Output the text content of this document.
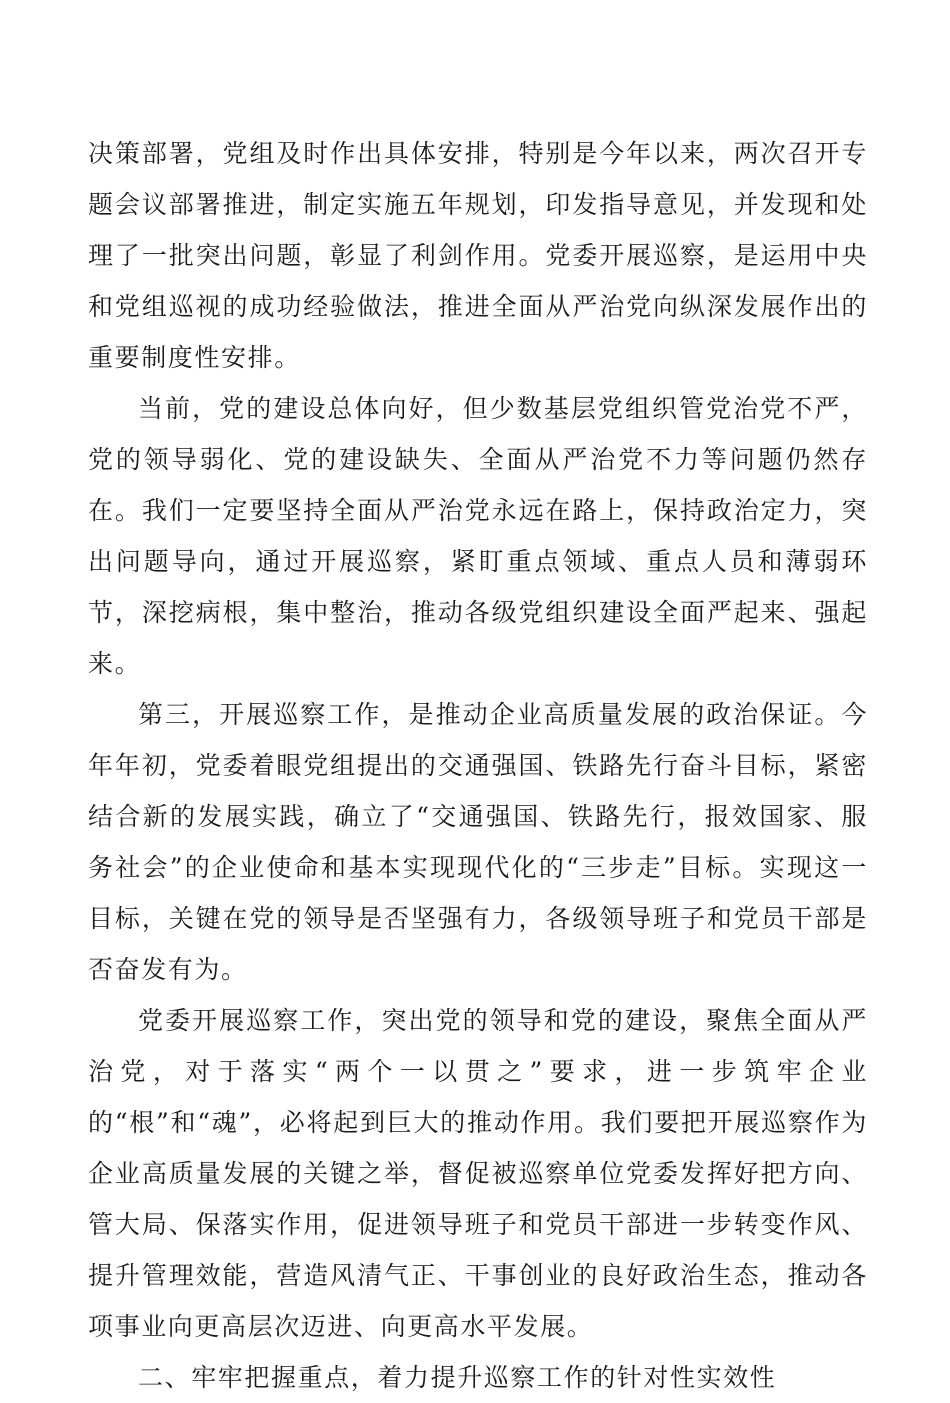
决策部署，党组及时作出具体安排，特别是今年以来，两次召开专题会议部署推进，制定实施五年规划，印发指导意见，并发现和处理了一批突出问题，彰显了利剑作用。党委开展巡察，是运用中央和党组巡视的成功经验做法，推进全面从严治党向纵深发展作出的重要制度性安排。

当前，党的建设总体向好，但少数基层党组织管党治党不严，党的领导弱化、党的建设缺失、全面从严治党不力等问题仍然存在。我们一定要坚持全面从严治党永远在路上，保持政治定力，突出问题导向，通过开展巡察，紧盯重点领域、重点人员和薄弱环节，深挖病根，集中整治，推动各级党组织建设全面严起来、强起来。

第三，开展巡察工作，是推动企业高质量发展的政治保证。今年年初，党委着眼党组提出的交通强国、铁路先行奋斗目标，紧密结合新的发展实践，确立了“交通强国、铁路先行，报效国家、服务社会”的企业使命和基本实现现代化的“三步走”目标。实现这一目标，关键在党的领导是否坚强有力，各级领导班子和党员干部是否奋发有为。

党委开展巡察工作，突出党的领导和党的建设，聚焦全面从严治党，对于落实“两个一以贯之”要求，进一步筑牢企业的“根”和“魂”，必将起到巨大的推动作用。我们要把开展巡察作为企业高质量发展的关键之举，督促被巡察单位党委发挥好把方向、管大局、保落实作用，促进领导班子和党员干部进一步转变作风、提升管理效能，营造风清气正、干事创业的良好政治生态，推动各项事业向更高层次迈进、向更高水平发展。

二、牢牢把握重点，着力提升巡察工作的针对性实效性
